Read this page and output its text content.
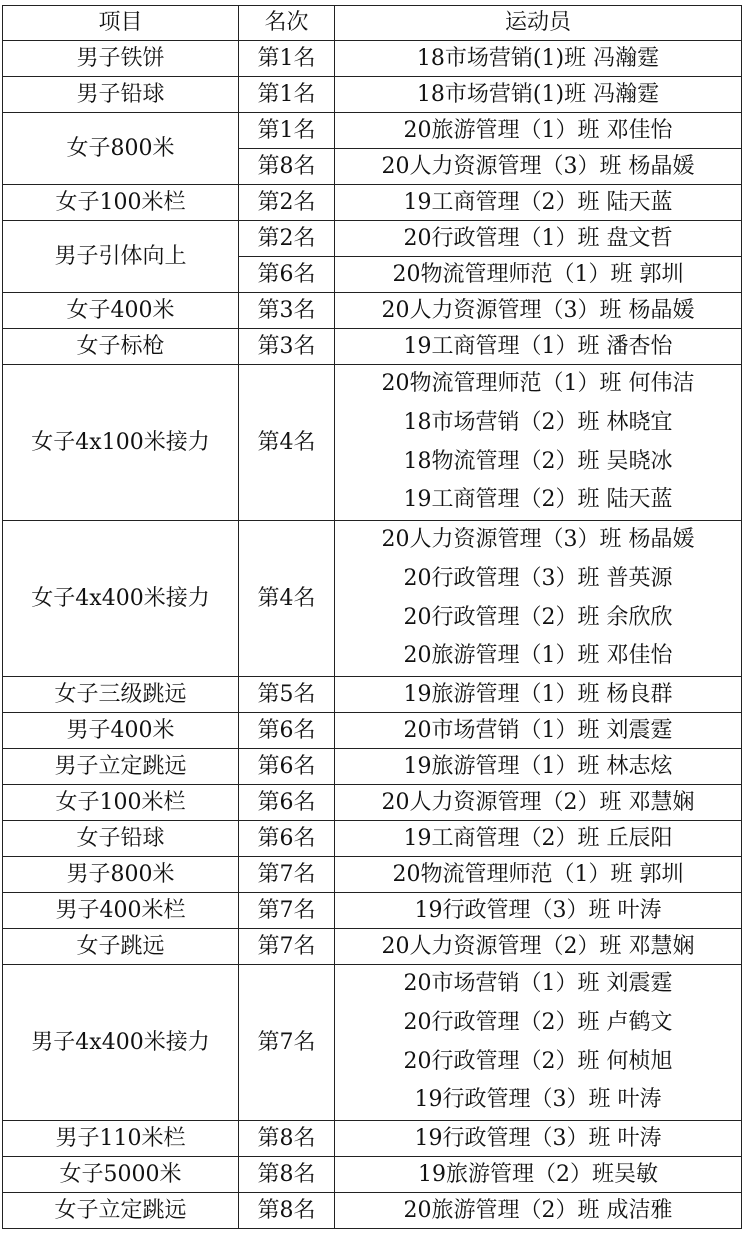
项目	名次	运动员
男子铁饼	第1名	18市场营销(1)班 冯瀚霆
男子铅球	第1名	18市场营销(1)班 冯瀚霆
女子800米	第1名	20旅游管理（1）班 邓佳怡
	第8名	20人力资源管理（3）班 杨晶媛
女子100米栏	第2名	19工商管理（2）班 陆天蓝
男子引体向上	第2名	20行政管理（1）班 盘文哲
	第6名	20物流管理师范（1）班 郭圳
女子400米	第3名	20人力资源管理（3）班 杨晶媛
女子标枪	第3名	19工商管理（1）班 潘杏怡
女子4x100米接力	第4名	20物流管理师范（1）班 何伟洁
18市场营销（2）班 林晓宜
18物流管理（2）班 吴晓冰
19工商管理（2）班 陆天蓝

女子4x400米接力	第4名	20人力资源管理（3）班 杨晶媛
20行政管理（3）班 普英源
20行政管理（2）班 余欣欣
20旅游管理（1）班 邓佳怡

女子三级跳远	第5名	19旅游管理（1）班 杨良群
男子400米	第6名	20市场营销（1）班 刘震霆
男子立定跳远	第6名	19旅游管理（1）班 林志炫
女子100米栏	第6名	20人力资源管理（2）班 邓慧娴
女子铅球	第6名	19工商管理（2）班 丘辰阳
男子800米	第7名	20物流管理师范（1）班 郭圳
男子400米栏	第7名	19行政管理（3）班 叶涛
女子跳远	第7名	20人力资源管理（2）班 邓慧娴
男子4x400米接力	第7名	20市场营销（1）班 刘震霆
20行政管理（2）班 卢鹤文
20行政管理（2）班 何桢旭
19行政管理（3）班 叶涛

男子110米栏	第8名	19行政管理（3）班 叶涛
女子5000米	第8名	19旅游管理（2）班吴敏
女子立定跳远	第8名	20旅游管理（2）班 成洁雅
